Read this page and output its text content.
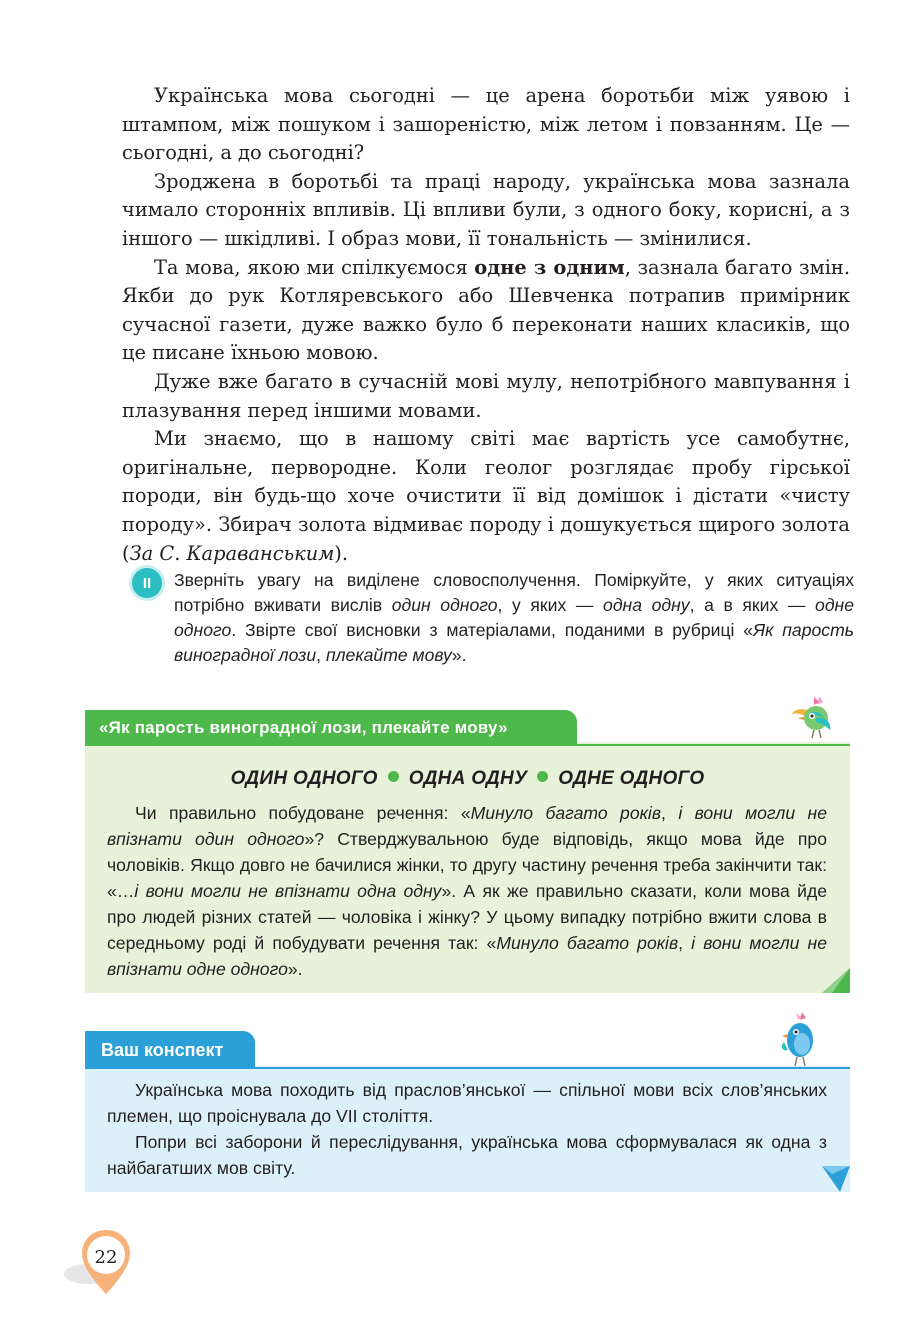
Українська мова сьогодні — це арена боротьби між уявою і штампом, між пошуком і зашореністю, між летом і повзанням. Це — сьогодні, а до сьогодні?

Зроджена в боротьбі та праці народу, українська мова зазнала чимало сторонніх впливів. Ці впливи були, з одного боку, корисні, а з іншого — шкідливі. І образ мови, її тональність — змінилися.

Та мова, якою ми спілкуємося одне з одним, зазнала багато змін. Якби до рук Котляревського або Шевченка потрапив примірник сучасної газети, дуже важко було б переконати наших класиків, що це писане їхньою мовою.

Дуже вже багато в сучасній мові мулу, непотрібного мавпування і плазування перед іншими мовами.

Ми знаємо, що в нашому світі має вартість усе самобутнє, оригінальне, первородне. Коли геолог розглядає пробу гірської породи, він будь-що хоче очистити її від домішок і дістати «чисту породу». Збирач золота відмиває породу і дошукується щирого золота (За С. Караванським).

II	Зверніть увагу на виділене словосполучення. Поміркуйте, у яких ситуаціях потрібно вживати вислів один одного, у яких — одна одну, а в яких — одне одного. Звірте свої висновки з матеріалами, поданими в рубриці «Як парость виноградної лози, плекайте мову».
«Як парость виноградної лози, плекайте мову»
ОДИН ОДНОГО ОДНА ОДНУ ОДНЕ ОДНОГО

Чи правильно побудоване речення: «Минуло багато років, і вони могли не впізнати один одного»? Стверджувальною буде відповідь, якщо мова йде про чоловіків. Якщо довго не бачилися жінки, то другу частину речення треба закінчити так: «…і вони могли не впізнати одна одну». А як же правильно сказати, коли мова йде про людей різних статей — чоловіка і жінку? У цьому випадку потрібно вжити слова в середньому роді й побудувати речення так: «Минуло багато років, і вони могли не впізнати одне одного».

Ваш конспект

Українська мова походить від праслов’янської — спільної мови всіх слов’янських племен, що проіснувала до VII століття.

Попри всі заборони й переслідування, українська мова сформувалася як одна з найбагатших мов світу.

22
